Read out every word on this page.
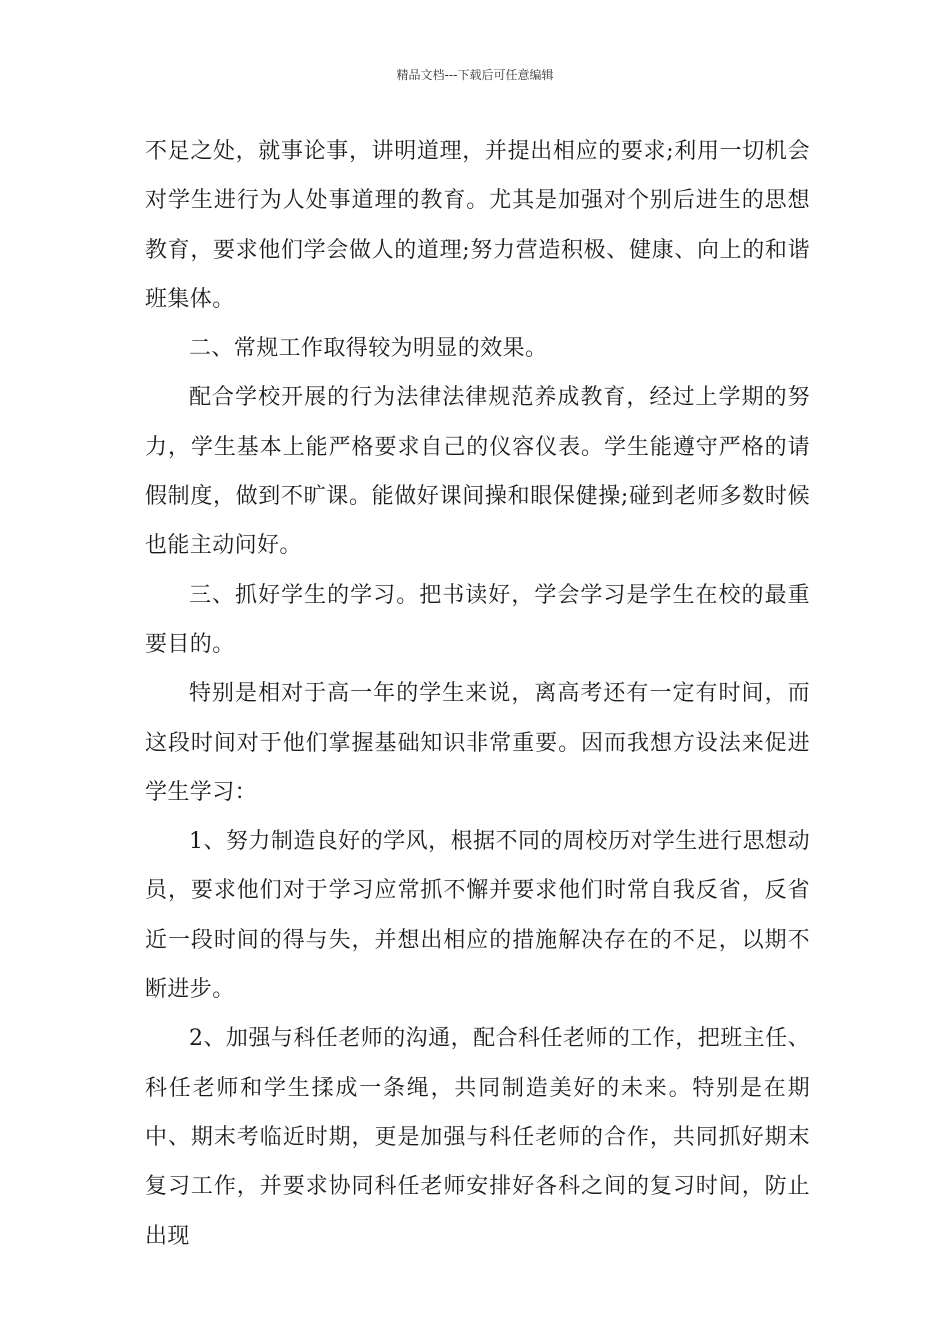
精品文档---下载后可任意编辑

不足之处，就事论事，讲明道理，并提出相应的要求;利用一切机会对学生进行为人处事道理的教育。尤其是加强对个别后进生的思想教育，要求他们学会做人的道理;努力营造积极、健康、向上的和谐班集体。

二、常规工作取得较为明显的效果。

配合学校开展的行为法律法律规范养成教育，经过上学期的努力，学生基本上能严格要求自己的仪容仪表。学生能遵守严格的请假制度，做到不旷课。能做好课间操和眼保健操;碰到老师多数时候也能主动问好。

三、抓好学生的学习。把书读好，学会学习是学生在校的最重要目的。

特别是相对于高一年的学生来说，离高考还有一定有时间，而这段时间对于他们掌握基础知识非常重要。因而我想方设法来促进学生学习：

1、努力制造良好的学风，根据不同的周校历对学生进行思想动员，要求他们对于学习应常抓不懈并要求他们时常自我反省，反省近一段时间的得与失，并想出相应的措施解决存在的不足，以期不断进步。

2、加强与科任老师的沟通，配合科任老师的工作，把班主任、科任老师和学生揉成一条绳，共同制造美好的未来。特别是在期中、期末考临近时期，更是加强与科任老师的合作，共同抓好期末复习工作，并要求协同科任老师安排好各科之间的复习时间，防止出现
